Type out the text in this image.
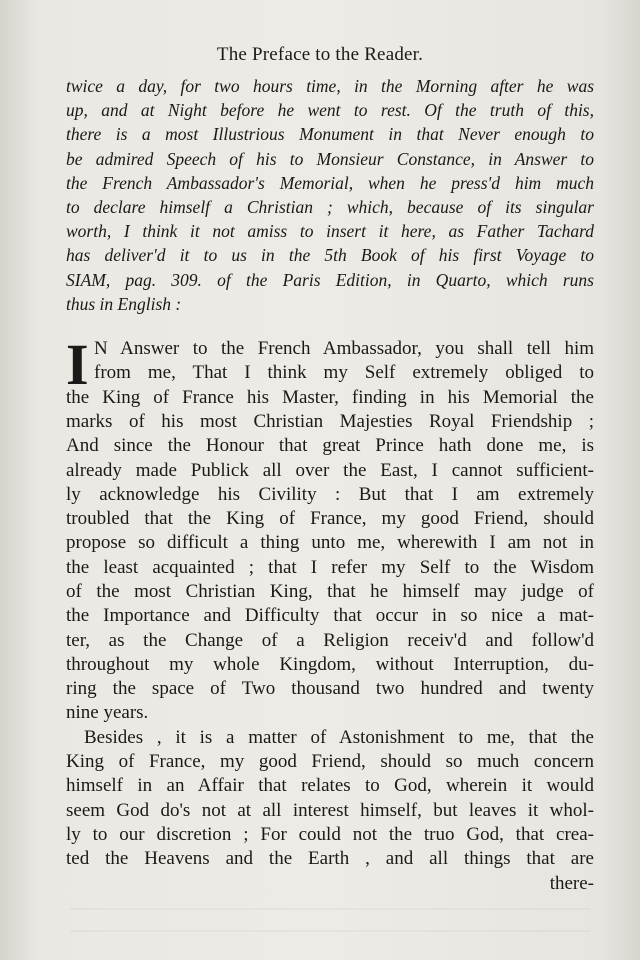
The Preface to the Reader.
twice a day, for two hours time, in the Morning after he was
up, and at Night before he went to rest. Of the truth of this,
there is a most Illustrious Monument in that Never enough to
be admired Speech of his to Monsieur Constance, in Answer to
the French Ambassador's Memorial, when he press'd him much
to declare himself a Christian ; which, because of its singular
worth, I think it not amiss to insert it here, as Father Tachard
has deliver'd it to us in the 5th Book of his first Voyage to
SIAM, pag. 309. of the Paris Edition, in Quarto, which runs
thus in English :
I N Answer to the French Ambassador, you shall tell him
from me, That I think my Self extremely obliged to
the King of France his Master, finding in his Memorial the
marks of his most Christian Majesties Royal Friendship ;
And since the Honour that great Prince hath done me, is
already made Publick all over the East, I cannot sufficient-
ly acknowledge his Civility : But that I am extremely
troubled that the King of France, my good Friend, should
propose so difficult a thing unto me, wherewith I am not in
the least acquainted ; that I refer my Self to the Wisdom
of the most Christian King, that he himself may judge of
the Importance and Difficulty that occur in so nice a mat-
ter, as the Change of a Religion receiv'd and follow'd
throughout my whole Kingdom, without Interruption, du-
ring the space of Two thousand two hundred and twenty
nine years.
Besides , it is a matter of Astonishment to me, that the
King of France, my good Friend, should so much concern
himself in an Affair that relates to God, wherein it would
seem God do's not at all interest himself, but leaves it whol-
ly to our discretion ; For could not the truo God, that crea-
ted the Heavens and the Earth , and all things that are
there-
